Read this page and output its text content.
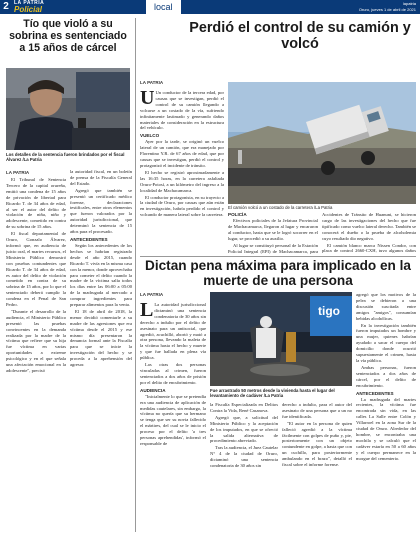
2	LA PATRIA
Policial	local	lapatria
Oruro, jueves 1 de abril de 2021
Tío que violó a su sobrina es sentenciado a 15 años de cárcel
Los detalles de la sentencia fueron brindados por el fiscal Álvarez /La Patria
LA PATRIA

El Tribunal de Sentencia Tercero de la capital orureña, emitió una condena de 15 años de privación de libertad para Ricardo T. de 34 años de edad, al ser el autor del delito de violación de niña, niño y adolescente, cometido en contra de su sobrina de 15 años.

El fiscal departamental de Oruro, Gonzalo Álvarez, informó que, en audiencia de juicio oral, el martes recursos, el Ministerio Público demostró con pruebas contundentes que Ricardo T. de 34 años de edad, es autor del delito de violación cometido en contra de su sobrina de 15 años, por lo que el sentenciado deberá cumplir la condena en el Penal de San Pedro.

"Durante el desarrollo de la audiencia, el Ministerio Público presentó las pruebas convincentes en la demanda realizada por la madre de la víctima que refiere que su hija fue víctima en varias oportunidades a extreme psicológico y en el que señala una afectación emocional en la adolescente", precisó

la autoridad fiscal, en un boletín de prensa de la Fiscalía General del Estado.

Agregó que también se presentó un certificado médico forense, declaraciones testificales, entre otros elementos que fueron valorados por la autoridad jurisdiccional, que determinó la sentencia de 15 años para el procesado.

ANTECEDENTES

Según los antecedentes de los hechos se habrían registrado desde el año 2015, cuando Ricardo T. vivía en la misma casa con la menor, donde aprovechaba para cometer el delito cuando la madre de la víctima salía todos los días entre las 06:00 a 05:00 de la madrugada al mercado a comprar ingredientes para preparar alimentos para la venta.

El 18 de abril de 2018, la menor decidió comentarle a su madre de las agresiones que era víctima desde el 2015 y ese mismo día presentaron la denuncia formal ante la Fiscalía para que se inicie la investigación del hecho y se proceda a la aprehensión del agresor.

Perdió el control de su camión y volcó
LA PATRIA

U Un conductor de la tercera edad, por causas que se investigan, perdió el control de su camión llegando a volcarse a un costado de la vía, sufriendo infinitamente lastimado y generando daños materiales de consideración en la estructura del vehículo.

VUELCO

Ayer por la tarde, se originó un vuelco lateral de un camión, que era manejado por Florentino Y.R. de 67 años de edad, que por causas que se investigan, perdió el control y protagonizó el incidente de tránsito.

El hecho se registró aproximadamente a las 16:35 horas, en la carretera asfaltada Oruro-Potosí, a un kilómetro del ingreso a la localidad de Machacamarca.

El conductor protagonista, en su trayecto a la ciudad de Oruro, por causas que aún están en investigación, habría perdido el control y volcando de manera lateral sobre la carretera.

El camión volcó a un costado de la carretera /La Patria
POLICÍA

Efectivos policiales de la Jefatura Provincial de Machacamarca, llegaron al lugar y encararon al conductor, hasta que se le logró socorrer en el lugar, se procedió a su auxilio.

Al lugar se constituyó personal de la Estación Policial Integral (EPI) de Machacamarca, para

Accidentes de Tránsito de Huanuni, se hicieron cargo de las investigaciones del hecho que fue tipificado como vuelco lateral derecho. También se conocerá el dueño o la prueba de alcoholemia cuyo resultado dio negativo.

El camión blanco marca Nissen Condor, con placa de control 2660-CXH, tuvo algunos daños

Dictan pena máxima para implicado en la muerte de una persona
LA PATRIA

L La autoridad jurisdiccional dictaminó una sentencia condenatoria de 30 años sin derecho a indulto por el delito de asesinato para un antisocial, que agredió, acuchilló, abortó y mató a otra persona, llevando la maleta de la víctima hasta el hecho y muerte y que fue hallada en plena vía pública.

Las otras dos personas vinculadas al crimen, fueron sentenciados a dos años de prisión por el delito de encubrimiento.

AUDIENCIA

"Inicialmente lo que se pretendía era una audiencia de aplicación de medidas cautelares, sin embargo, la víctima no quería que su hermano se tenga que ser su novia fallecido el mártires, del cual se le inicio el proceso por el delito 'a tres personas aprehendidas', informó el responsable de

tigo
Fue arrastrado 50 metros desde la vivienda hasta el lugar del levantamiento de cadáver /La Patria

la Fiscalía Especializada en Delitos Contra la Vida, René Casanova.

Agregó que, a solicitud del Ministerio Público y la aceptación de los imputados, en que se ofreció la salida alternativa de procedimiento abreviado.

Tras la audiencia, el Juez Cautelar N° 4 de la ciudad de Oruro, dictaminó una sentencia condenatoria de 30 años sin

derecho a indulto, para el autor del asesinato de una persona que a un no fue identificada.

"El autor en la persona de quien falleció agredió a la víctima fácilmente con golpes de puño y, pie, posteriormente con un objeto contundente en golpe, a hasta que con un cuchillo, para posteriormente ambulando en el brazo", detalló el fiscal sobre el informe forense.

agregó que los motivos de la pelea se debieron a una discusión suscitada entre amigos "amigos", consumían bebidas alcohólicas.

En la investigación también fueron imputados un hombre y una mujer, quienes habrían ayudado a sacar el cuerpo del domicilio donde ocurrió supuestamente el crimen, hasta la vía pública.

Ambas personas, fueron sentenciados a dos años de cárcel, por el delito de encubrimiento.

ANTECEDENTES

La madrugada del martes recientes, la víctima fue encontrada sin vida, en las calles La Salle entre Colón y Villarroel en la zona Sur de la ciudad de Oruro. Alrededor del hombre, se encontraba una mochila y se calculó que el cadáver estaría en 50 a 60 años y el cuerpo permanece en la morgue del cementerio.
